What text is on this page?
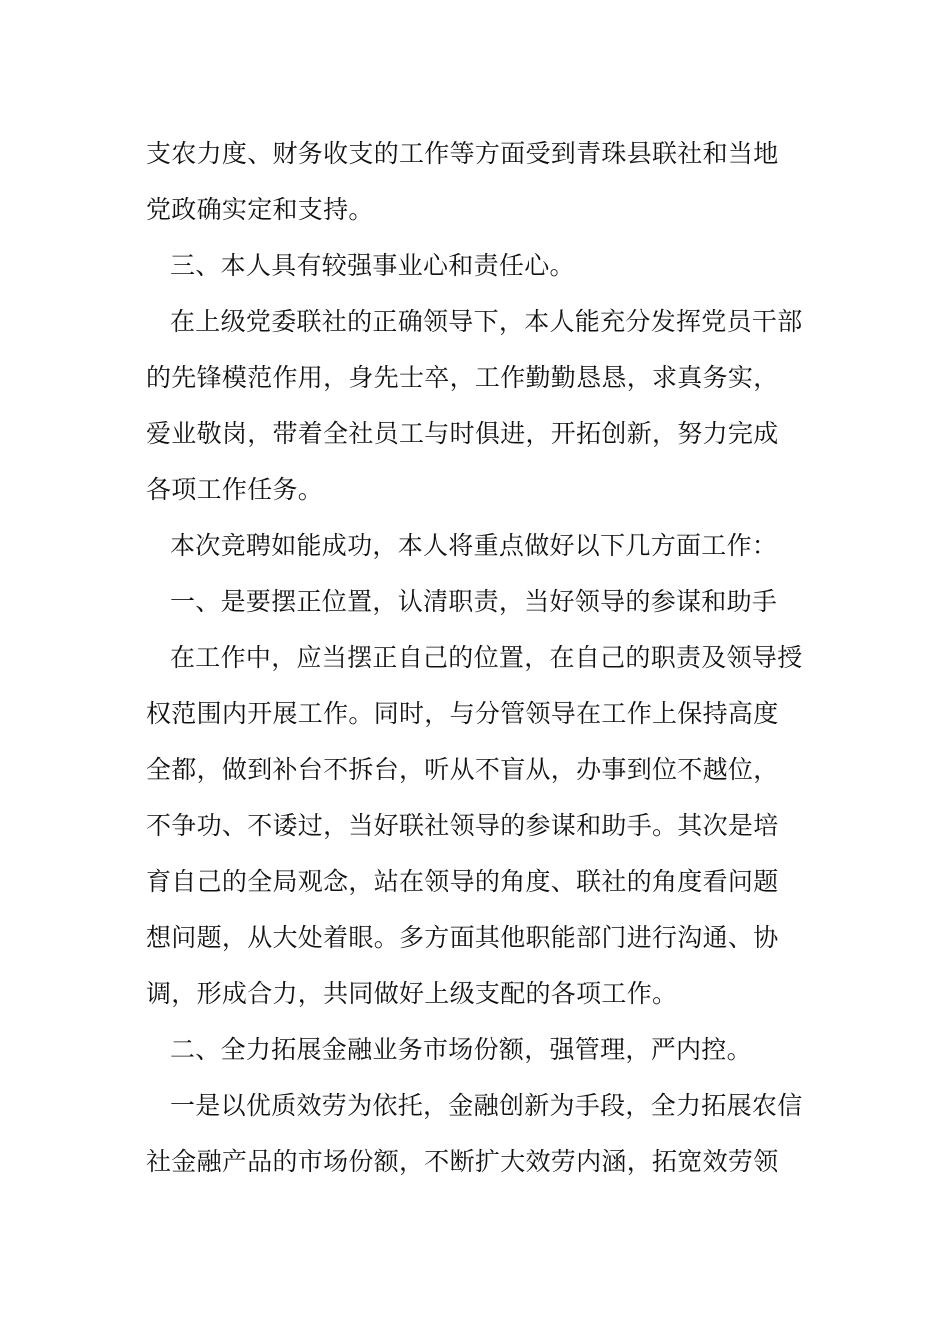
支农力度、财务收支的工作等方面受到青珠县联社和当地
党政确实定和支持。
三、本人具有较强事业心和责任心。
在上级党委联社的正确领导下，本人能充分发挥党员干部
的先锋模范作用，身先士卒，工作勤勤恳恳，求真务实，
爱业敬岗，带着全社员工与时俱进，开拓创新，努力完成
各项工作任务。
本次竞聘如能成功，本人将重点做好以下几方面工作：
一、是要摆正位置，认清职责，当好领导的参谋和助手
在工作中，应当摆正自己的位置，在自己的职责及领导授
权范围内开展工作。同时，与分管领导在工作上保持高度
全都，做到补台不拆台，听从不盲从，办事到位不越位，
不争功、不诿过，当好联社领导的参谋和助手。其次是培
育自己的全局观念，站在领导的角度、联社的角度看问题
想问题，从大处着眼。多方面其他职能部门进行沟通、协
调，形成合力，共同做好上级支配的各项工作。
二、全力拓展金融业务市场份额，强管理，严内控。
一是以优质效劳为依托，金融创新为手段，全力拓展农信
社金融产品的市场份额，不断扩大效劳内涵，拓宽效劳领
